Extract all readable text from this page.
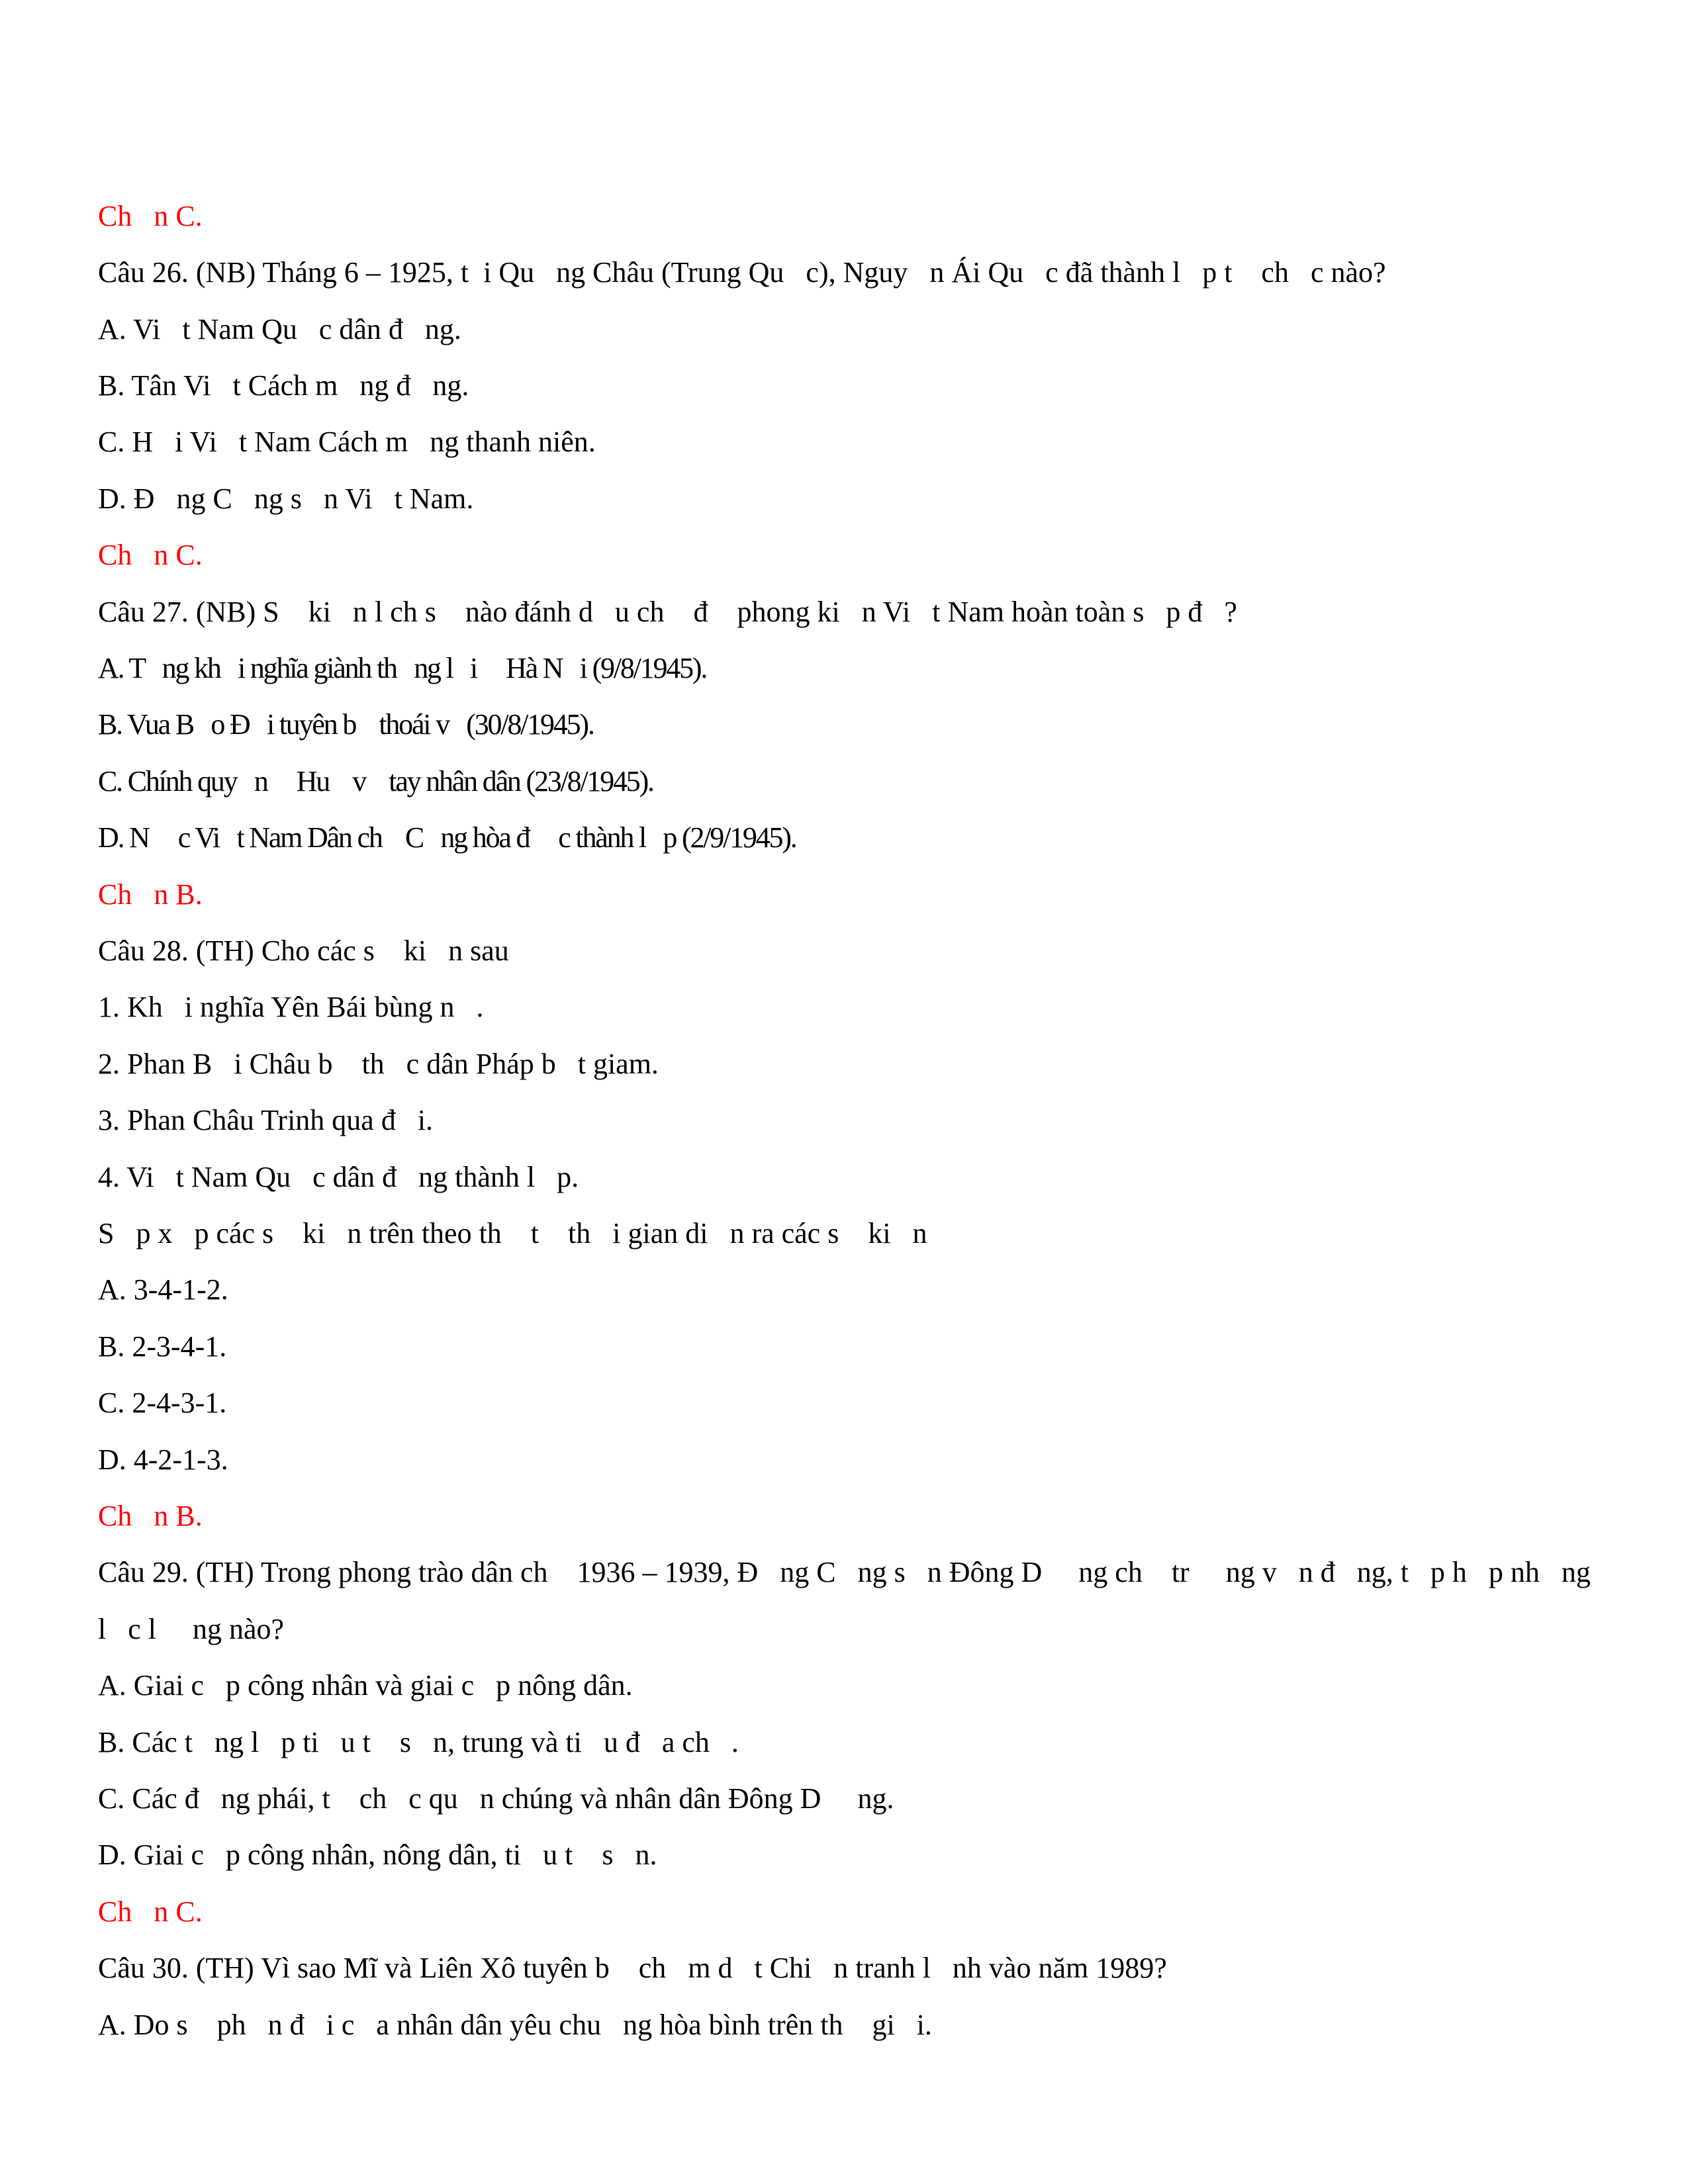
Ch   n C.
Câu 26. (NB) Tháng 6 – 1925, t  i Qu   ng Châu (Trung Qu   c), Nguy   n Ái Qu   c đã thành l   p t    ch   c nào?
A. Vi   t Nam Qu   c dân đ   ng.
B. Tân Vi   t Cách m   ng đ   ng.
C. H   i Vi   t Nam Cách m   ng thanh niên.
D. Đ   ng C   ng s   n Vi   t Nam.
Ch   n C.
Câu 27. (NB) S    ki   n l ch s    nào đánh d   u ch    đ    phong ki   n Vi   t Nam hoàn toàn s   p đ   ?
A. T   ng kh   i nghĩa giành th   ng l   i     Hà N   i (9/8/1945).
B. Vua B   o Đ   i tuyên b    thoái v   (30/8/1945).
C. Chính quy   n     Hu    v    tay nhân dân (23/8/1945).
D. N     c Vi   t Nam Dân ch    C   ng hòa đ     c thành l   p (2/9/1945).
Ch   n B.
Câu 28. (TH) Cho các s    ki   n sau
1. Kh   i nghĩa Yên Bái bùng n   .
2. Phan B   i Châu b    th   c dân Pháp b   t giam.
3. Phan Châu Trinh qua đ   i.
4. Vi   t Nam Qu   c dân đ   ng thành l   p.
S   p x   p các s    ki   n trên theo th    t    th   i gian di   n ra các s    ki   n
A. 3-4-1-2.
B. 2-3-4-1.
C. 2-4-3-1.
D. 4-2-1-3.
Ch   n B.
Câu 29. (TH) Trong phong trào dân ch    1936 – 1939, Đ   ng C   ng s   n Đông D     ng ch    tr     ng v   n đ   ng, t   p h   p nh   ng
l   c l     ng nào?
A. Giai c   p công nhân và giai c   p nông dân.
B. Các t   ng l   p ti   u t    s   n, trung và ti   u đ   a ch   .
C. Các đ   ng phái, t    ch   c qu   n chúng và nhân dân Đông D     ng.
D. Giai c   p công nhân, nông dân, ti   u t    s   n.
Ch   n C.
Câu 30. (TH) Vì sao Mĩ và Liên Xô tuyên b    ch   m d   t Chi   n tranh l   nh vào năm 1989?
A. Do s    ph   n đ   i c   a nhân dân yêu chu   ng hòa bình trên th    gi   i.
